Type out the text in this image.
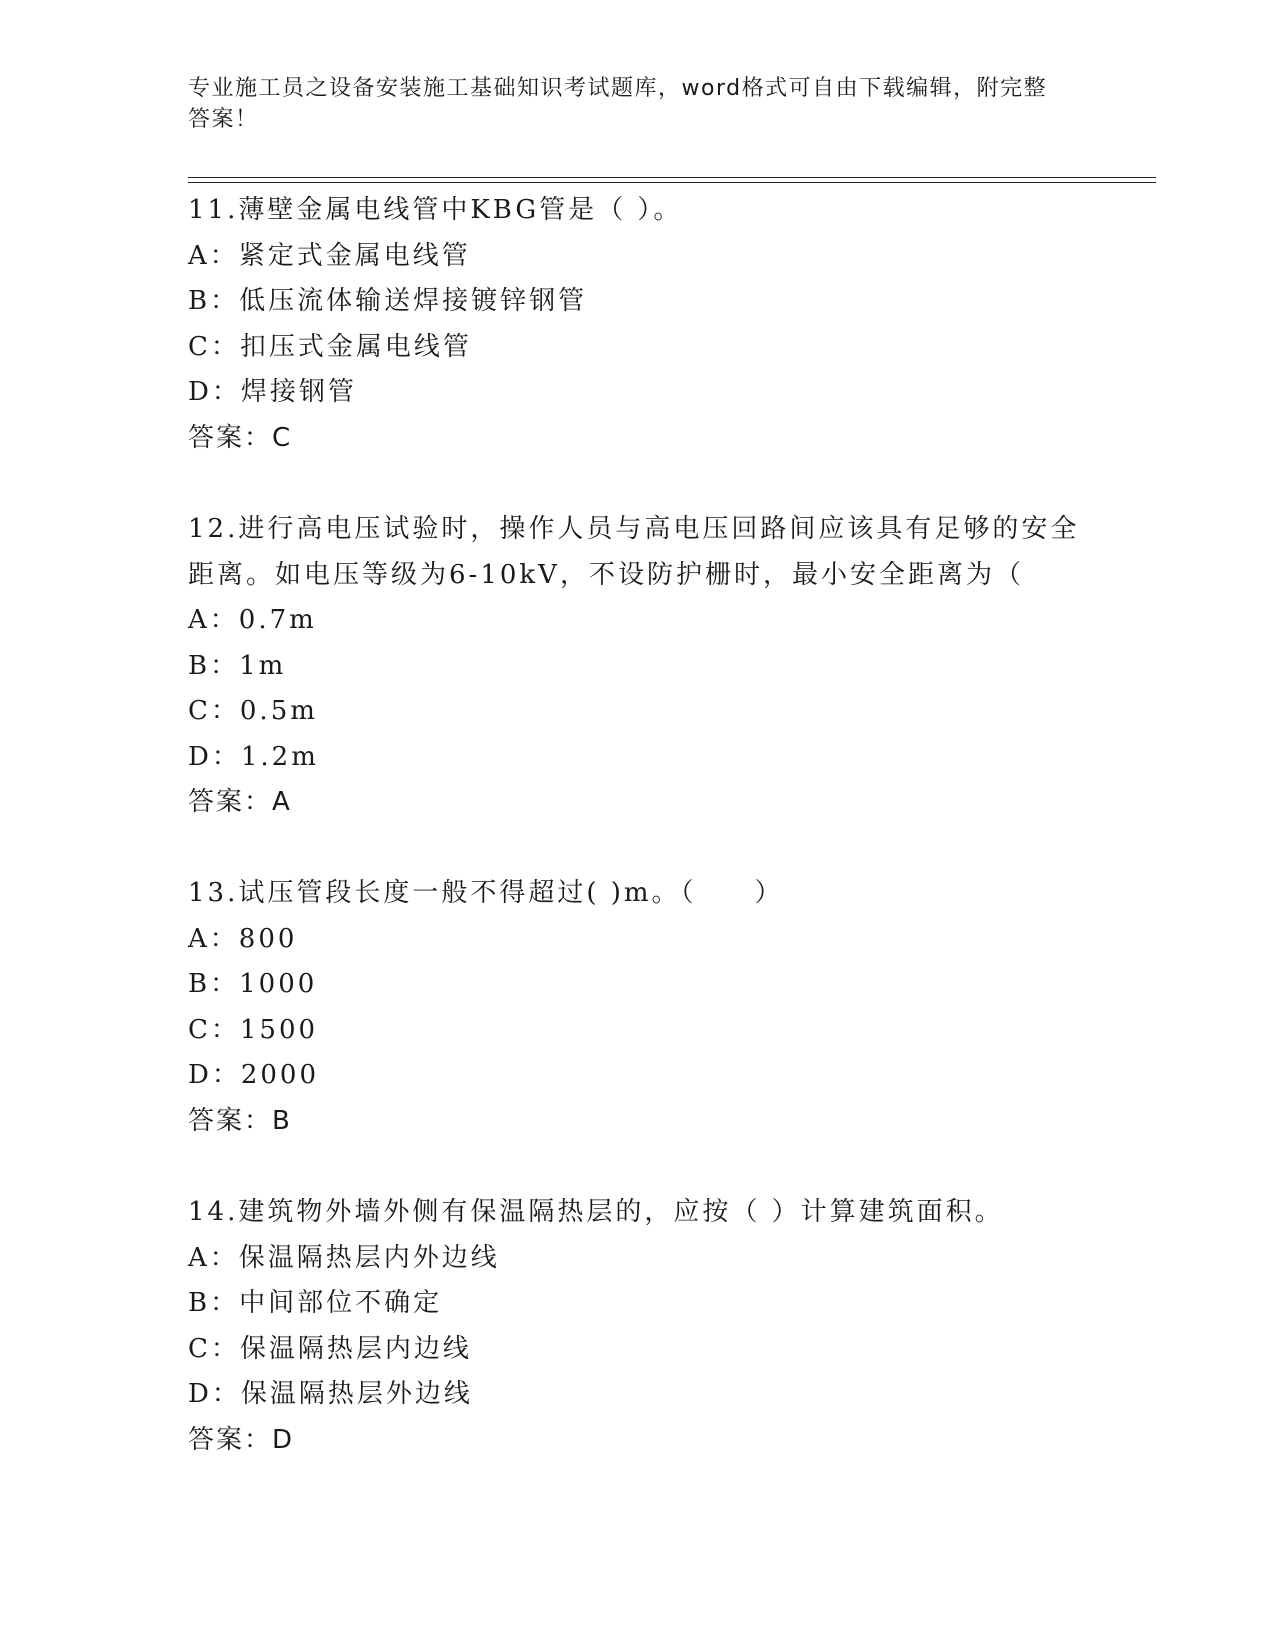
专业施工员之设备安装施工基础知识考试题库，word格式可自由下载编辑，附完整答案！
11.薄壁金属电线管中KBG管是（ ）。
A：紧定式金属电线管
B：低压流体输送焊接镀锌钢管
C：扣压式金属电线管
D：焊接钢管
答案：C
12.进行高电压试验时，操作人员与高电压回路间应该具有足够的安全
距离。如电压等级为6-10kV，不设防护栅时，最小安全距离为（
A：0.7m
B：1m
C：0.5m
D：1.2m
答案：A
13.试压管段长度一般不得超过( )m。（　　）
A：800
B：1000
C：1500
D：2000
答案：B
14.建筑物外墙外侧有保温隔热层的，应按（ ）计算建筑面积。
A：保温隔热层内外边线
B：中间部位不确定
C：保温隔热层内边线
D：保温隔热层外边线
答案：D
